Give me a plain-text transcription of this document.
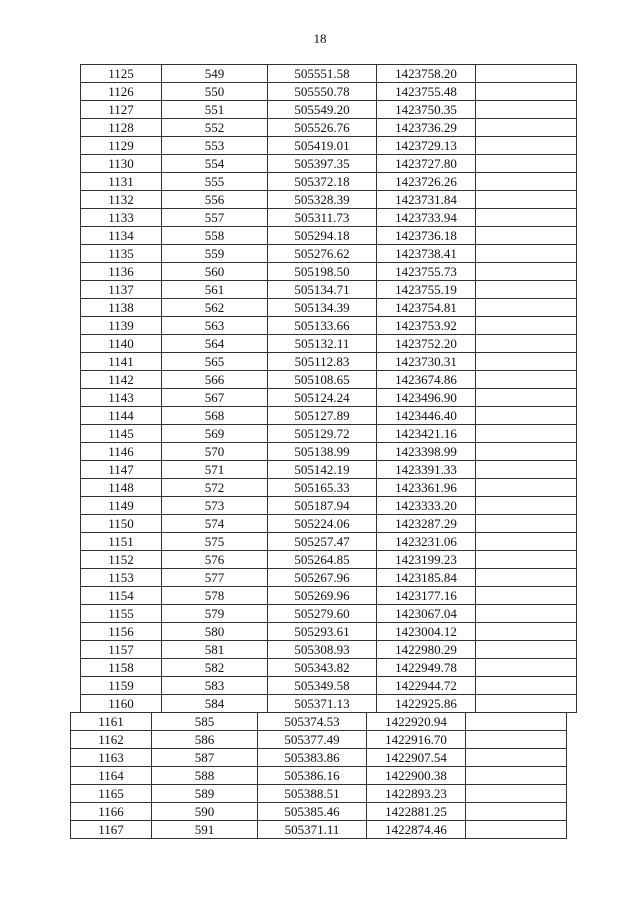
18
1125	549	505551.58	1423758.20	
1126	550	505550.78	1423755.48	
1127	551	505549.20	1423750.35	
1128	552	505526.76	1423736.29	
1129	553	505419.01	1423729.13	
1130	554	505397.35	1423727.80	
1131	555	505372.18	1423726.26	
1132	556	505328.39	1423731.84	
1133	557	505311.73	1423733.94	
1134	558	505294.18	1423736.18	
1135	559	505276.62	1423738.41	
1136	560	505198.50	1423755.73	
1137	561	505134.71	1423755.19	
1138	562	505134.39	1423754.81	
1139	563	505133.66	1423753.92	
1140	564	505132.11	1423752.20	
1141	565	505112.83	1423730.31	
1142	566	505108.65	1423674.86	
1143	567	505124.24	1423496.90	
1144	568	505127.89	1423446.40	
1145	569	505129.72	1423421.16	
1146	570	505138.99	1423398.99	
1147	571	505142.19	1423391.33	
1148	572	505165.33	1423361.96	
1149	573	505187.94	1423333.20	
1150	574	505224.06	1423287.29	
1151	575	505257.47	1423231.06	
1152	576	505264.85	1423199.23	
1153	577	505267.96	1423185.84	
1154	578	505269.96	1423177.16	
1155	579	505279.60	1423067.04	
1156	580	505293.61	1423004.12	
1157	581	505308.93	1422980.29	
1158	582	505343.82	1422949.78	
1159	583	505349.58	1422944.72	
1160	584	505371.13	1422925.86	
1161	585	505374.53	1422920.94	
1162	586	505377.49	1422916.70	
1163	587	505383.86	1422907.54	
1164	588	505386.16	1422900.38	
1165	589	505388.51	1422893.23	
1166	590	505385.46	1422881.25	
1167	591	505371.11	1422874.46	
